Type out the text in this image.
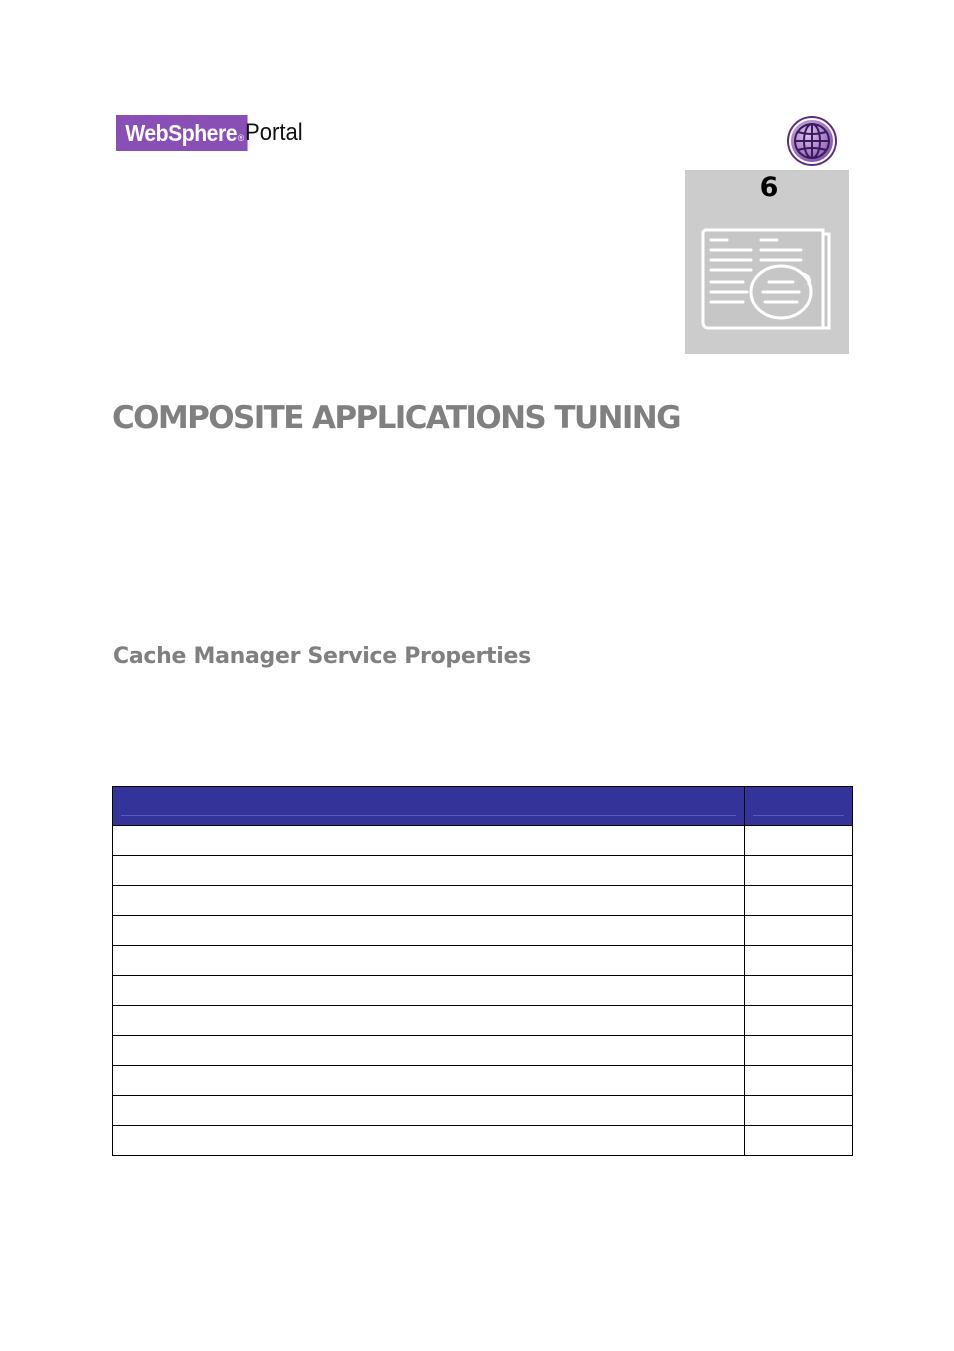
WebSphere ® Portal
6
COMPOSITE APPLICATIONS TUNING
Cache Manager Service Properties
